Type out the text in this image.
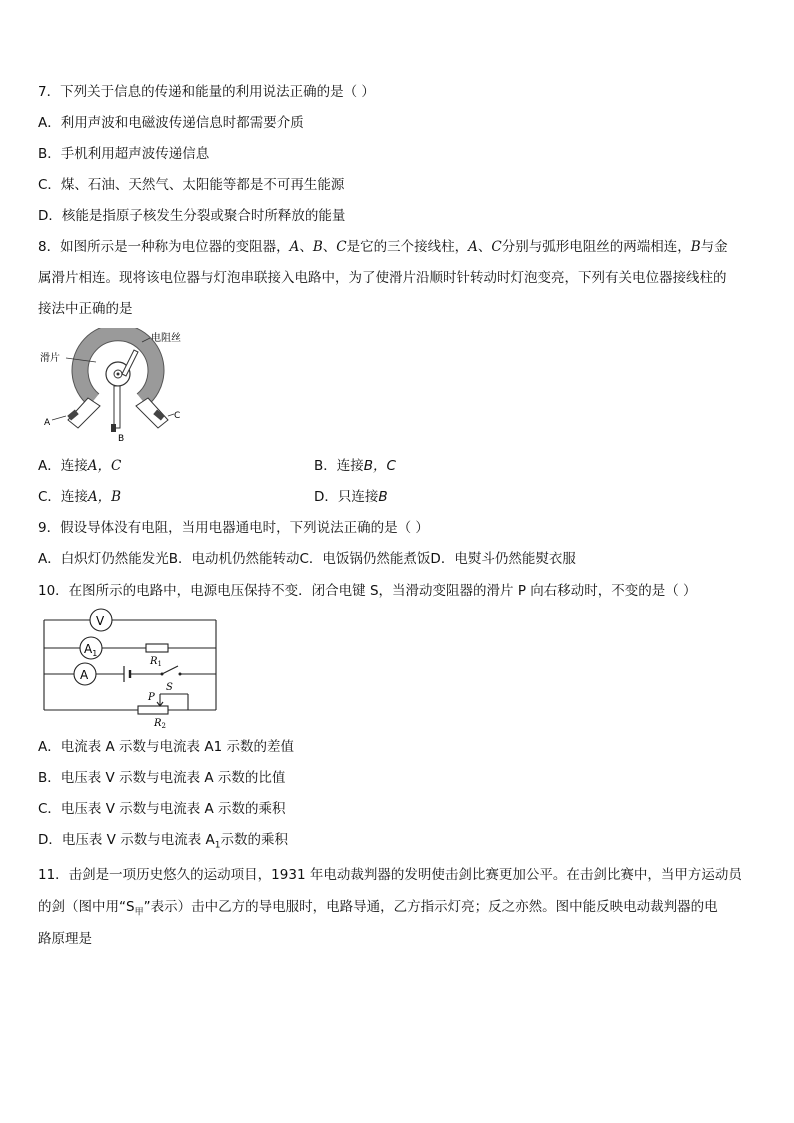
7．下列关于信息的传递和能量的利用说法正确的是（ ）
A．利用声波和电磁波传递信息时都需要介质
B．手机利用超声波传递信息
C．煤、石油、天然气、太阳能等都是不可再生能源
D．核能是指原子核发生分裂或聚合时所释放的能量
8．如图所示是一种称为电位器的变阻器，A、B、C是它的三个接线柱，A、C分别与弧形电阻丝的两端相连，B与金
属滑片相连。现将该电位器与灯泡串联接入电路中，为了使滑片沿顺时针转动时灯泡变亮，下列有关电位器接线柱的
接法中正确的是
电阻丝
滑片
A
B
C
A．连接A，C	B．连接B，C
C．连接A，B	D．只连接B
9．假设导体没有电阻，当用电器通电时，下列说法正确的是（ ）
A．白炽灯仍然能发光B．电动机仍然能转动C．电饭锅仍然能煮饭D．电熨斗仍然能熨衣服
10．在图所示的电路中，电源电压保持不变．闭合电键 S，当滑动变阻器的滑片 P 向右移动时，不变的是（ ）
V
$A_1$
$R_1$
A
S
P
$R_2$
A．电流表 A 示数与电流表 A1 示数的差值
B．电压表 V 示数与电流表 A 示数的比值
C．电压表 V 示数与电流表 A 示数的乘积
D．电压表 V 示数与电流表 $A_1$示数的乘积
11．击剑是一项历史悠久的运动项目，1931 年电动裁判器的发明使击剑比赛更加公平。在击剑比赛中，当甲方运动员
的剑（图中用“$S_甲$”表示）击中乙方的导电服时，电路导通，乙方指示灯亮；反之亦然。图中能反映电动裁判器的电
路原理是
